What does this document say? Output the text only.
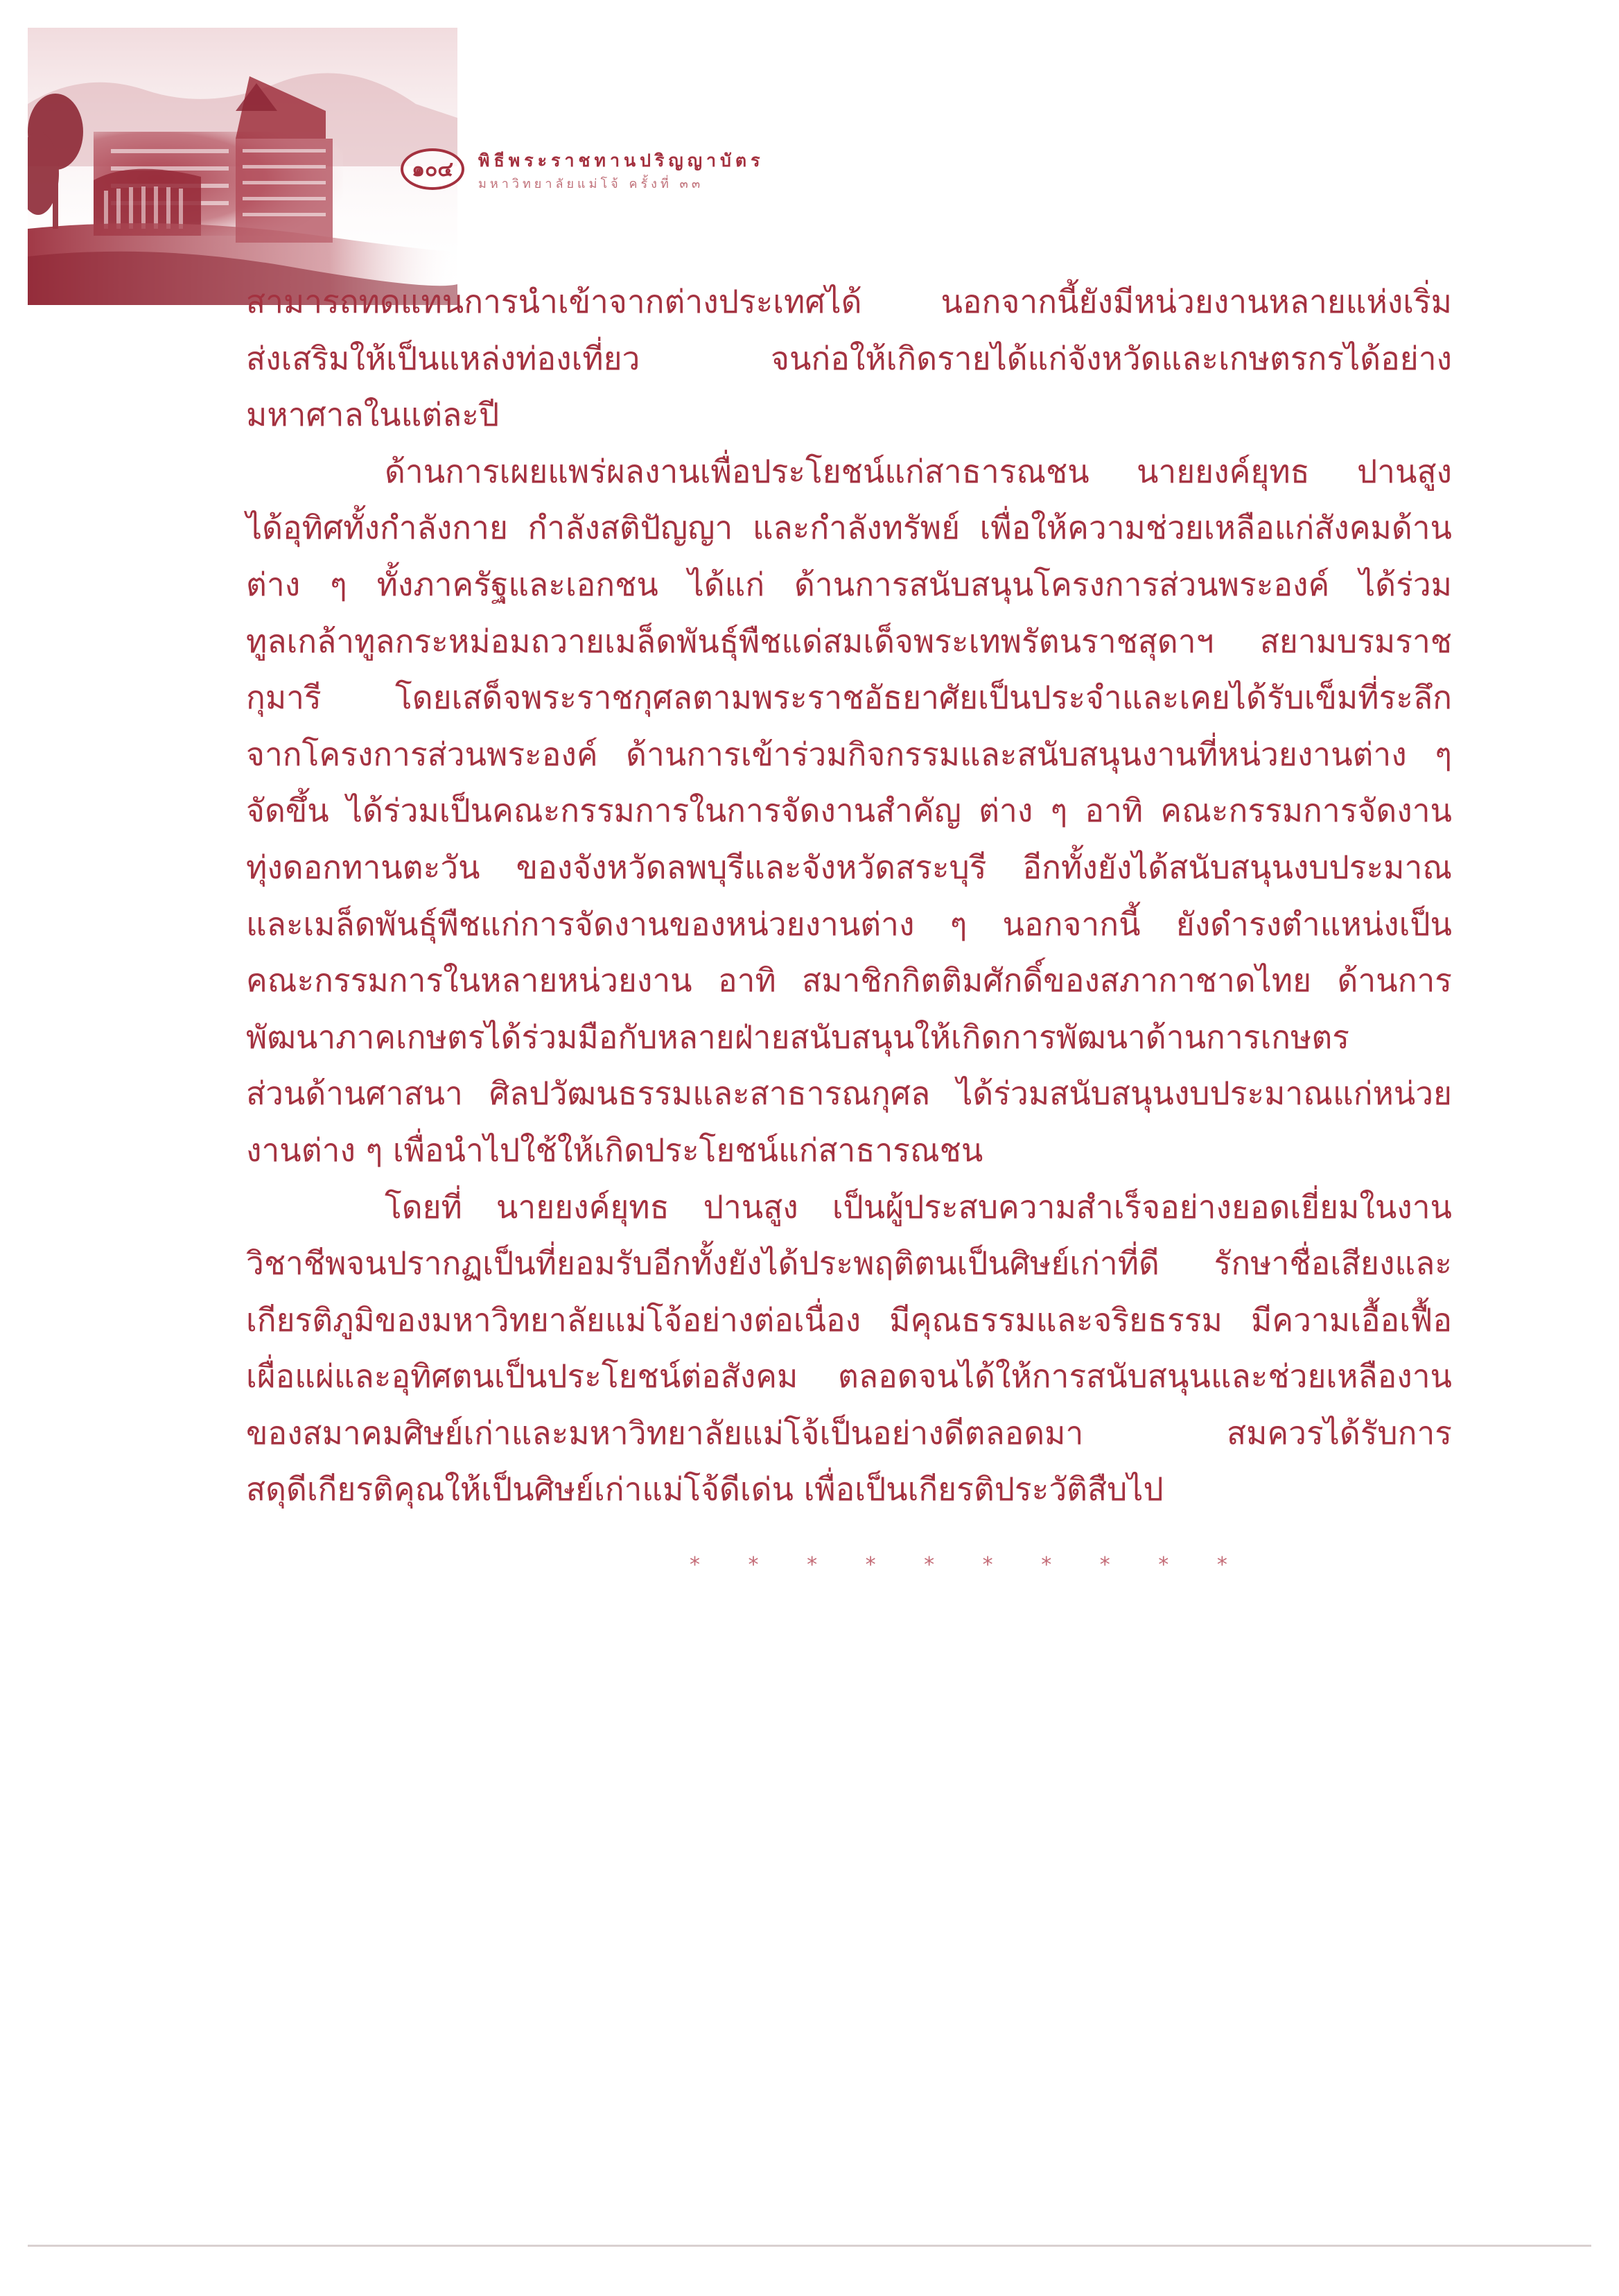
๑๐๔	พิธีพระราชทานปริญญาบัตร
มหาวิทยาลัยแม่โจ้ ครั้งที่ ๓๓
สามารถทดแทนการนำเข้าจากต่างประเทศได้ นอกจากนี้ยังมีหน่วยงานหลายแห่งเริ่ม
ส่งเสริมให้เป็นแหล่งท่องเที่ยว จนก่อให้เกิดรายได้แก่จังหวัดและเกษตรกรได้อย่าง
มหาศาลในแต่ละปี
ด้านการเผยแพร่ผลงานเพื่อประโยชน์แก่สาธารณชน นายยงค์ยุทธ ปานสูง
ได้อุทิศทั้งกำลังกาย กำลังสติปัญญา และกำลังทรัพย์ เพื่อให้ความช่วยเหลือแก่สังคมด้าน
ต่าง ๆ ทั้งภาครัฐและเอกชน ได้แก่ ด้านการสนับสนุนโครงการส่วนพระองค์ ได้ร่วม
ทูลเกล้าทูลกระหม่อมถวายเมล็ดพันธุ์พืชแด่สมเด็จพระเทพรัตนราชสุดาฯ สยามบรมราช
กุมารี โดยเสด็จพระราชกุศลตามพระราชอัธยาศัยเป็นประจำและเคยได้รับเข็มที่ระลึก
จากโครงการส่วนพระองค์ ด้านการเข้าร่วมกิจกรรมและสนับสนุนงานที่หน่วยงานต่าง ๆ
จัดขึ้น ได้ร่วมเป็นคณะกรรมการในการจัดงานสำคัญ ต่าง ๆ อาทิ คณะกรรมการจัดงาน
ทุ่งดอกทานตะวัน ของจังหวัดลพบุรีและจังหวัดสระบุรี อีกทั้งยังได้สนับสนุนงบประมาณ
และเมล็ดพันธุ์พืชแก่การจัดงานของหน่วยงานต่าง ๆ นอกจากนี้ ยังดำรงตำแหน่งเป็น
คณะกรรมการในหลายหน่วยงาน อาทิ สมาชิกกิตติมศักดิ์ของสภากาชาดไทย ด้านการ
พัฒนาภาคเกษตรได้ร่วมมือกับหลายฝ่ายสนับสนุนให้เกิดการพัฒนาด้านการเกษตร
ส่วนด้านศาสนา ศิลปวัฒนธรรมและสาธารณกุศล ได้ร่วมสนับสนุนงบประมาณแก่หน่วย
งานต่าง ๆ เพื่อนำไปใช้ให้เกิดประโยชน์แก่สาธารณชน
โดยที่ นายยงค์ยุทธ ปานสูง เป็นผู้ประสบความสำเร็จอย่างยอดเยี่ยมในงาน
วิชาชีพจนปรากฏเป็นที่ยอมรับอีกทั้งยังได้ประพฤติตนเป็นศิษย์เก่าที่ดี รักษาชื่อเสียงและ
เกียรติภูมิของมหาวิทยาลัยแม่โจ้อย่างต่อเนื่อง มีคุณธรรมและจริยธรรม มีความเอื้อเฟื้อ
เผื่อแผ่และอุทิศตนเป็นประโยชน์ต่อสังคม ตลอดจนได้ให้การสนับสนุนและช่วยเหลืองาน
ของสมาคมศิษย์เก่าและมหาวิทยาลัยแม่โจ้เป็นอย่างดีตลอดมา สมควรได้รับการ
สดุดีเกียรติคุณให้เป็นศิษย์เก่าแม่โจ้ดีเด่น เพื่อเป็นเกียรติประวัติสืบไป
* * * * * * * * * *
